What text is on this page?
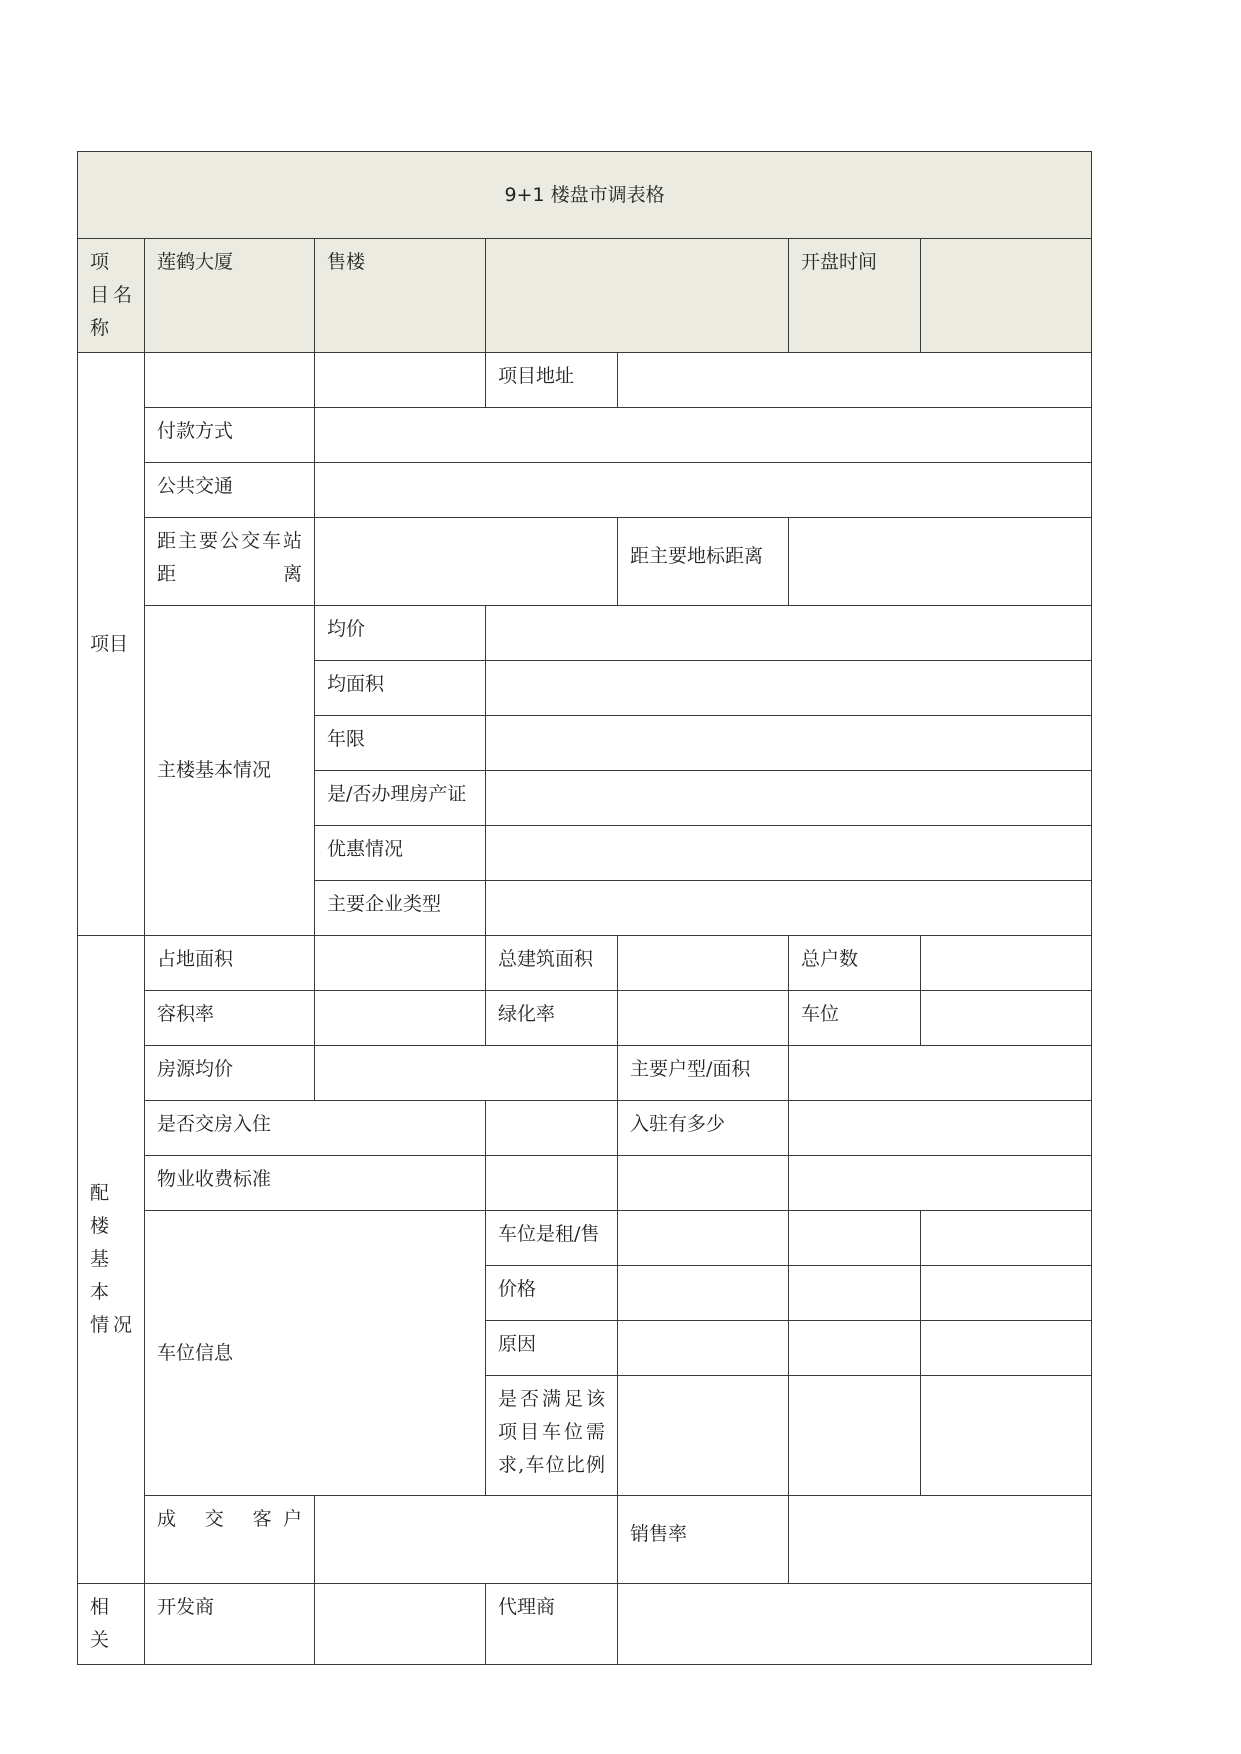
9+1 楼盘市调表格						
项 目名称	莲鹤大厦	售楼			开盘时间	
项目			项目地址			
	付款方式					
	公共交通					
	距主要公交车站距离			距主要地标距离		
	主楼基本情况	均价				
		均面积				
		年限				
		是/否办理房产证				
		优惠情况				
		主要企业类型				
配 楼 基 本 情况	占地面积		总建筑面积		总户数	
	容积率		绿化率		车位	
	房源均价			主要户型/面积		
	是否交房入住			入驻有多少		
	物业收费标准					
	车位信息		车位是租/售			
			价格			
			原因			
			是否满足该项目车位需求,车位比例			
	成 交 客户			销售率		
相 关	开发商		代理商			
